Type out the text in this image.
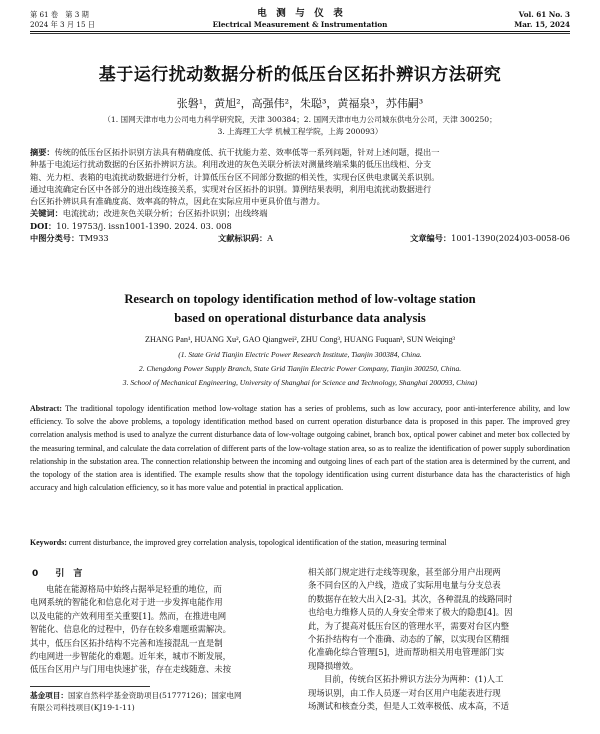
第 61 卷　第 3 期	电　测　与　仪　表	Vol. 61 No. 3
2024 年 3 月 15 日	Electrical Measurement & Instrumentation	Mar. 15, 2024
基于运行扰动数据分析的低压台区拓扑辨识方法研究
张磐¹，黄旭²，高强伟²，朱聪³，黄福泉³，苏伟嗣³
（1. 国网天津市电力公司电力科学研究院，天津 300384；2. 国网天津市电力公司城东供电分公司，天津 300250；
3. 上海理工大学 机械工程学院，上海 200093）
摘要：传统的低压台区拓扑识别方法具有精确度低、抗干扰能力差、效率低等一系列问题，针对上述问题，提出一
种基于电流运行扰动数据的台区拓扑辨识方法。利用改进的灰色关联分析法对测量终端采集的低压出线柜、分支
箱、光力柜、表箱的电流扰动数据进行分析，计算低压台区不同部分数据的相关性，实现台区供电隶属关系识别。
通过电流确定台区中各部分的进出线连接关系，实现对台区拓扑的识别。算例结果表明，利用电流扰动数据进行
台区拓扑辨识具有准确度高、效率高的特点，因此在实际应用中更具价值与潜力。
关键词：电流扰动；改进灰色关联分析；台区拓扑识别；出线终端
DOI：10. 19753/j. issn1001-1390. 2024. 03. 008
中图分类号：TM933	文献标识码：A	文章编号：1001-1390(2024)03-0058-06
Research on topology identification method of low-voltage station
based on operational disturbance data analysis
ZHANG Pan¹, HUANG Xu², GAO Qiangwei², ZHU Cong³, HUANG Fuquan³, SUN Weiqing³
(1. State Grid Tianjin Electric Power Research Institute, Tianjin 300384, China.
2. Chengdong Power Supply Branch, State Grid Tianjin Electric Power Company, Tianjin 300250, China.
3. School of Mechanical Engineering, University of Shanghai for Science and Technology, Shanghai 200093, China)
Abstract: The traditional topology identification method low-voltage station has a series of problems, such as low accuracy, poor anti-interference ability, and low efficiency. To solve the above problems, a topology identification method based on current operation disturbance data is proposed in this paper. The improved grey correlation analysis method is used to analyze the current disturbance data of low-voltage outgoing cabinet, branch box, optical power cabinet and meter box collected by the measuring terminal, and calculate the data correlation of different parts of the low-voltage station area, so as to realize the identification of power supply subordination relationship in the substation area. The connection relationship between the incoming and outgoing lines of each part of the station area is determined by the current, and the topology of the station area is identified. The example results show that the topology identification using current disturbance data has the characteristics of high accuracy and high calculation efficiency, so it has more value and potential in practical application.
Keywords: current disturbance, the improved grey correlation analysis, topological identification of the station, measuring terminal
0 引　言
电能在能源格局中始终占据举足轻重的地位，而
电网系统的智能化和信息化对于进一步发挥电能作用
以及电能的产效利用至关重要[1]。然而，在推进电网
智能化、信息化的过程中，仍存在较多难题亟需解决。
其中，低压台区拓扑结构不完善和连接混乱一直是制
约电网进一步智能化的难题。近年来，城市不断发展，
低压台区用户与门用电快速扩张，存在走线随意、未按
基金项目：国家自然科学基金资助项目(51777126)；国家电网
有限公司科技项目(KJ19-1-11)
相关部门规定进行走线等现象，甚至部分用户出现两
条不同台区的入户线，造成了实际用电量与分支总表
的数据存在较大出入[2-3]。其次，各种混乱的线路同时
也给电力维修人员的人身安全带来了极大的隐患[4]。因
此，为了提高对低压台区的管理水平，需要对台区内整
个拓扑结构有一个准确、动态的了解，以实现台区精细
化准确化综合管理[5]，进而帮助相关用电管理部门实
现降损增效。
目前，传统台区拓扑辨识方法分为两种：(1)人工
现场识别，由工作人员逐一对台区用户电能表进行现
场测试和核查分类，但是人工效率极低、成本高，不适
